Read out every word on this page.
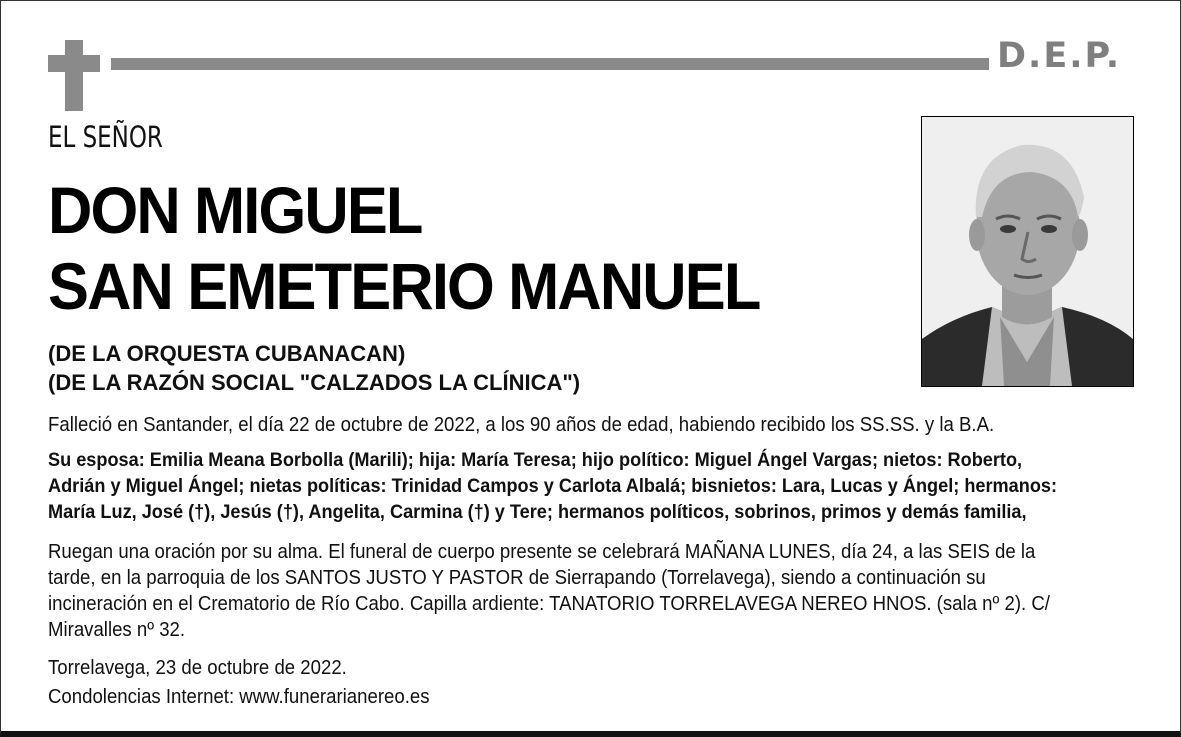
D.E.P.
EL SEÑOR
DON MIGUEL
SAN EMETERIO MANUEL
(DE LA ORQUESTA CUBANACAN)
(DE LA RAZÓN SOCIAL "CALZADOS LA CLÍNICA")
Falleció en Santander, el día 22 de octubre de 2022, a los 90 años de edad, habiendo recibido los SS.SS. y la B.A.
Su esposa: Emilia Meana Borbolla (Marili); hija: María Teresa; hijo político: Miguel Ángel Vargas; nietos: Roberto, Adrián y Miguel Ángel; nietas políticas: Trinidad Campos y Carlota Albalá; bisnietos: Lara, Lucas y Ángel; hermanos: María Luz, José (†), Jesús (†), Angelita, Carmina (†) y Tere; hermanos políticos, sobrinos, primos y demás familia,
Ruegan una oración por su alma. El funeral de cuerpo presente se celebrará MAÑANA LUNES, día 24, a las SEIS de la tarde, en la parroquia de los SANTOS JUSTO Y PASTOR de Sierrapando (Torrelavega), siendo a continuación su incineración en el Crematorio de Río Cabo. Capilla ardiente: TANATORIO TORRELAVEGA NEREO HNOS. (sala nº 2). C/ Miravalles nº 32.
Torrelavega, 23 de octubre de 2022.
Condolencias Internet: www.funerarianereo.es
